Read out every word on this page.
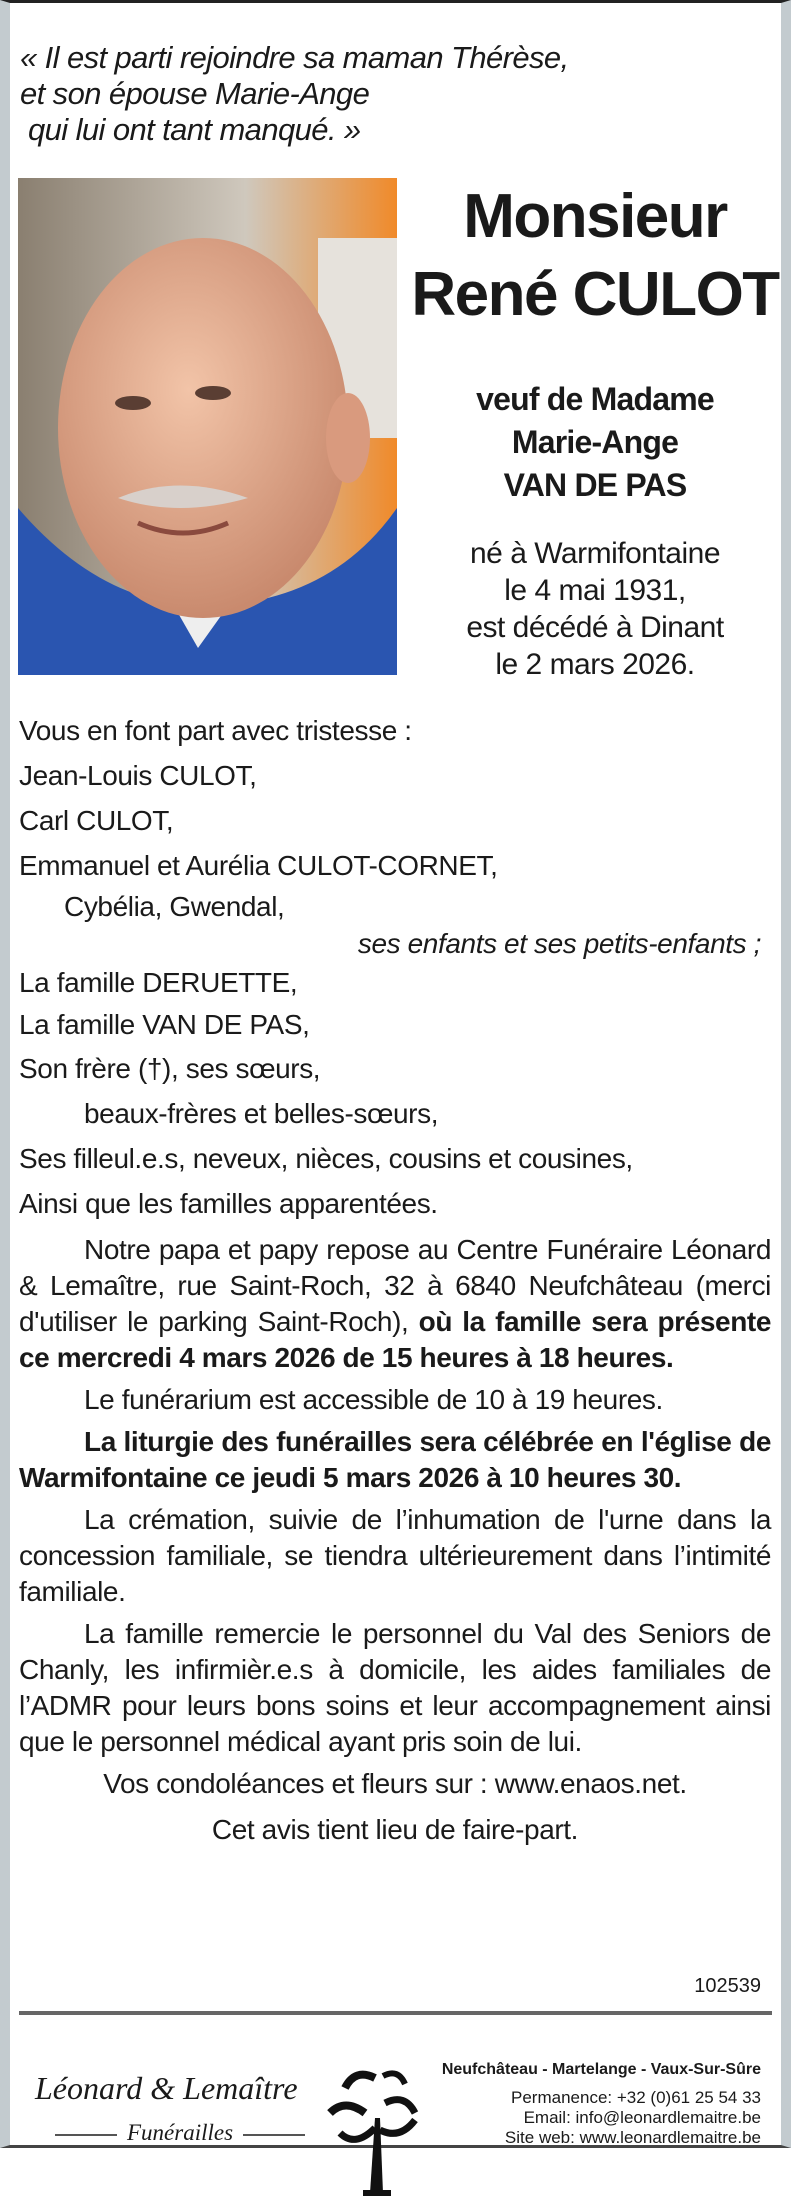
« Il est parti rejoindre sa maman Thérèse,
et son épouse Marie-Ange
qui lui ont tant manqué. »
Monsieur
René CULOT
veuf de Madame
Marie-Ange
VAN DE PAS
né à Warmifontaine
le 4 mai 1931,
est décédé à Dinant
le 2 mars 2026.
Vous en font part avec tristesse :
Jean-Louis CULOT,
Carl CULOT,
Emmanuel et Aurélia CULOT-CORNET,
Cybélia, Gwendal,
ses enfants et ses petits-enfants ;
La famille DERUETTE,
La famille VAN DE PAS,
Son frère (†), ses sœurs,
beaux-frères et belles-sœurs,
Ses filleul.e.s, neveux, nièces, cousins et cousines,
Ainsi que les familles apparentées.
Notre papa et papy repose au Centre Funéraire Léonard & Lemaître, rue Saint-Roch, 32 à 6840 Neufchâteau (merci d'utiliser le parking Saint-Roch), où la famille sera présente ce mercredi 4 mars 2026 de 15 heures à 18 heures.
Le funérarium est accessible de 10 à 19 heures.
La liturgie des funérailles sera célébrée en l'église de Warmifontaine ce jeudi 5 mars 2026 à 10 heures 30.
La crémation, suivie de l’inhumation de l'urne dans la concession familiale, se tiendra ultérieurement dans l’intimité familiale.
La famille remercie le personnel du Val des Seniors de Chanly, les infirmièr.e.s à domicile, les aides familiales de l’ADMR pour leurs bons soins et leur accompagnement ainsi que le personnel médical ayant pris soin de lui.
Vos condoléances et fleurs sur : www.enaos.net.
Cet avis tient lieu de faire-part.
102539
Léonard & Lemaître
Funérailles
Neufchâteau - Martelange - Vaux-Sur-Sûre
Permanence: +32 (0)61 25 54 33
Email: info@leonardlemaitre.be
Site web: www.leonardlemaitre.be
